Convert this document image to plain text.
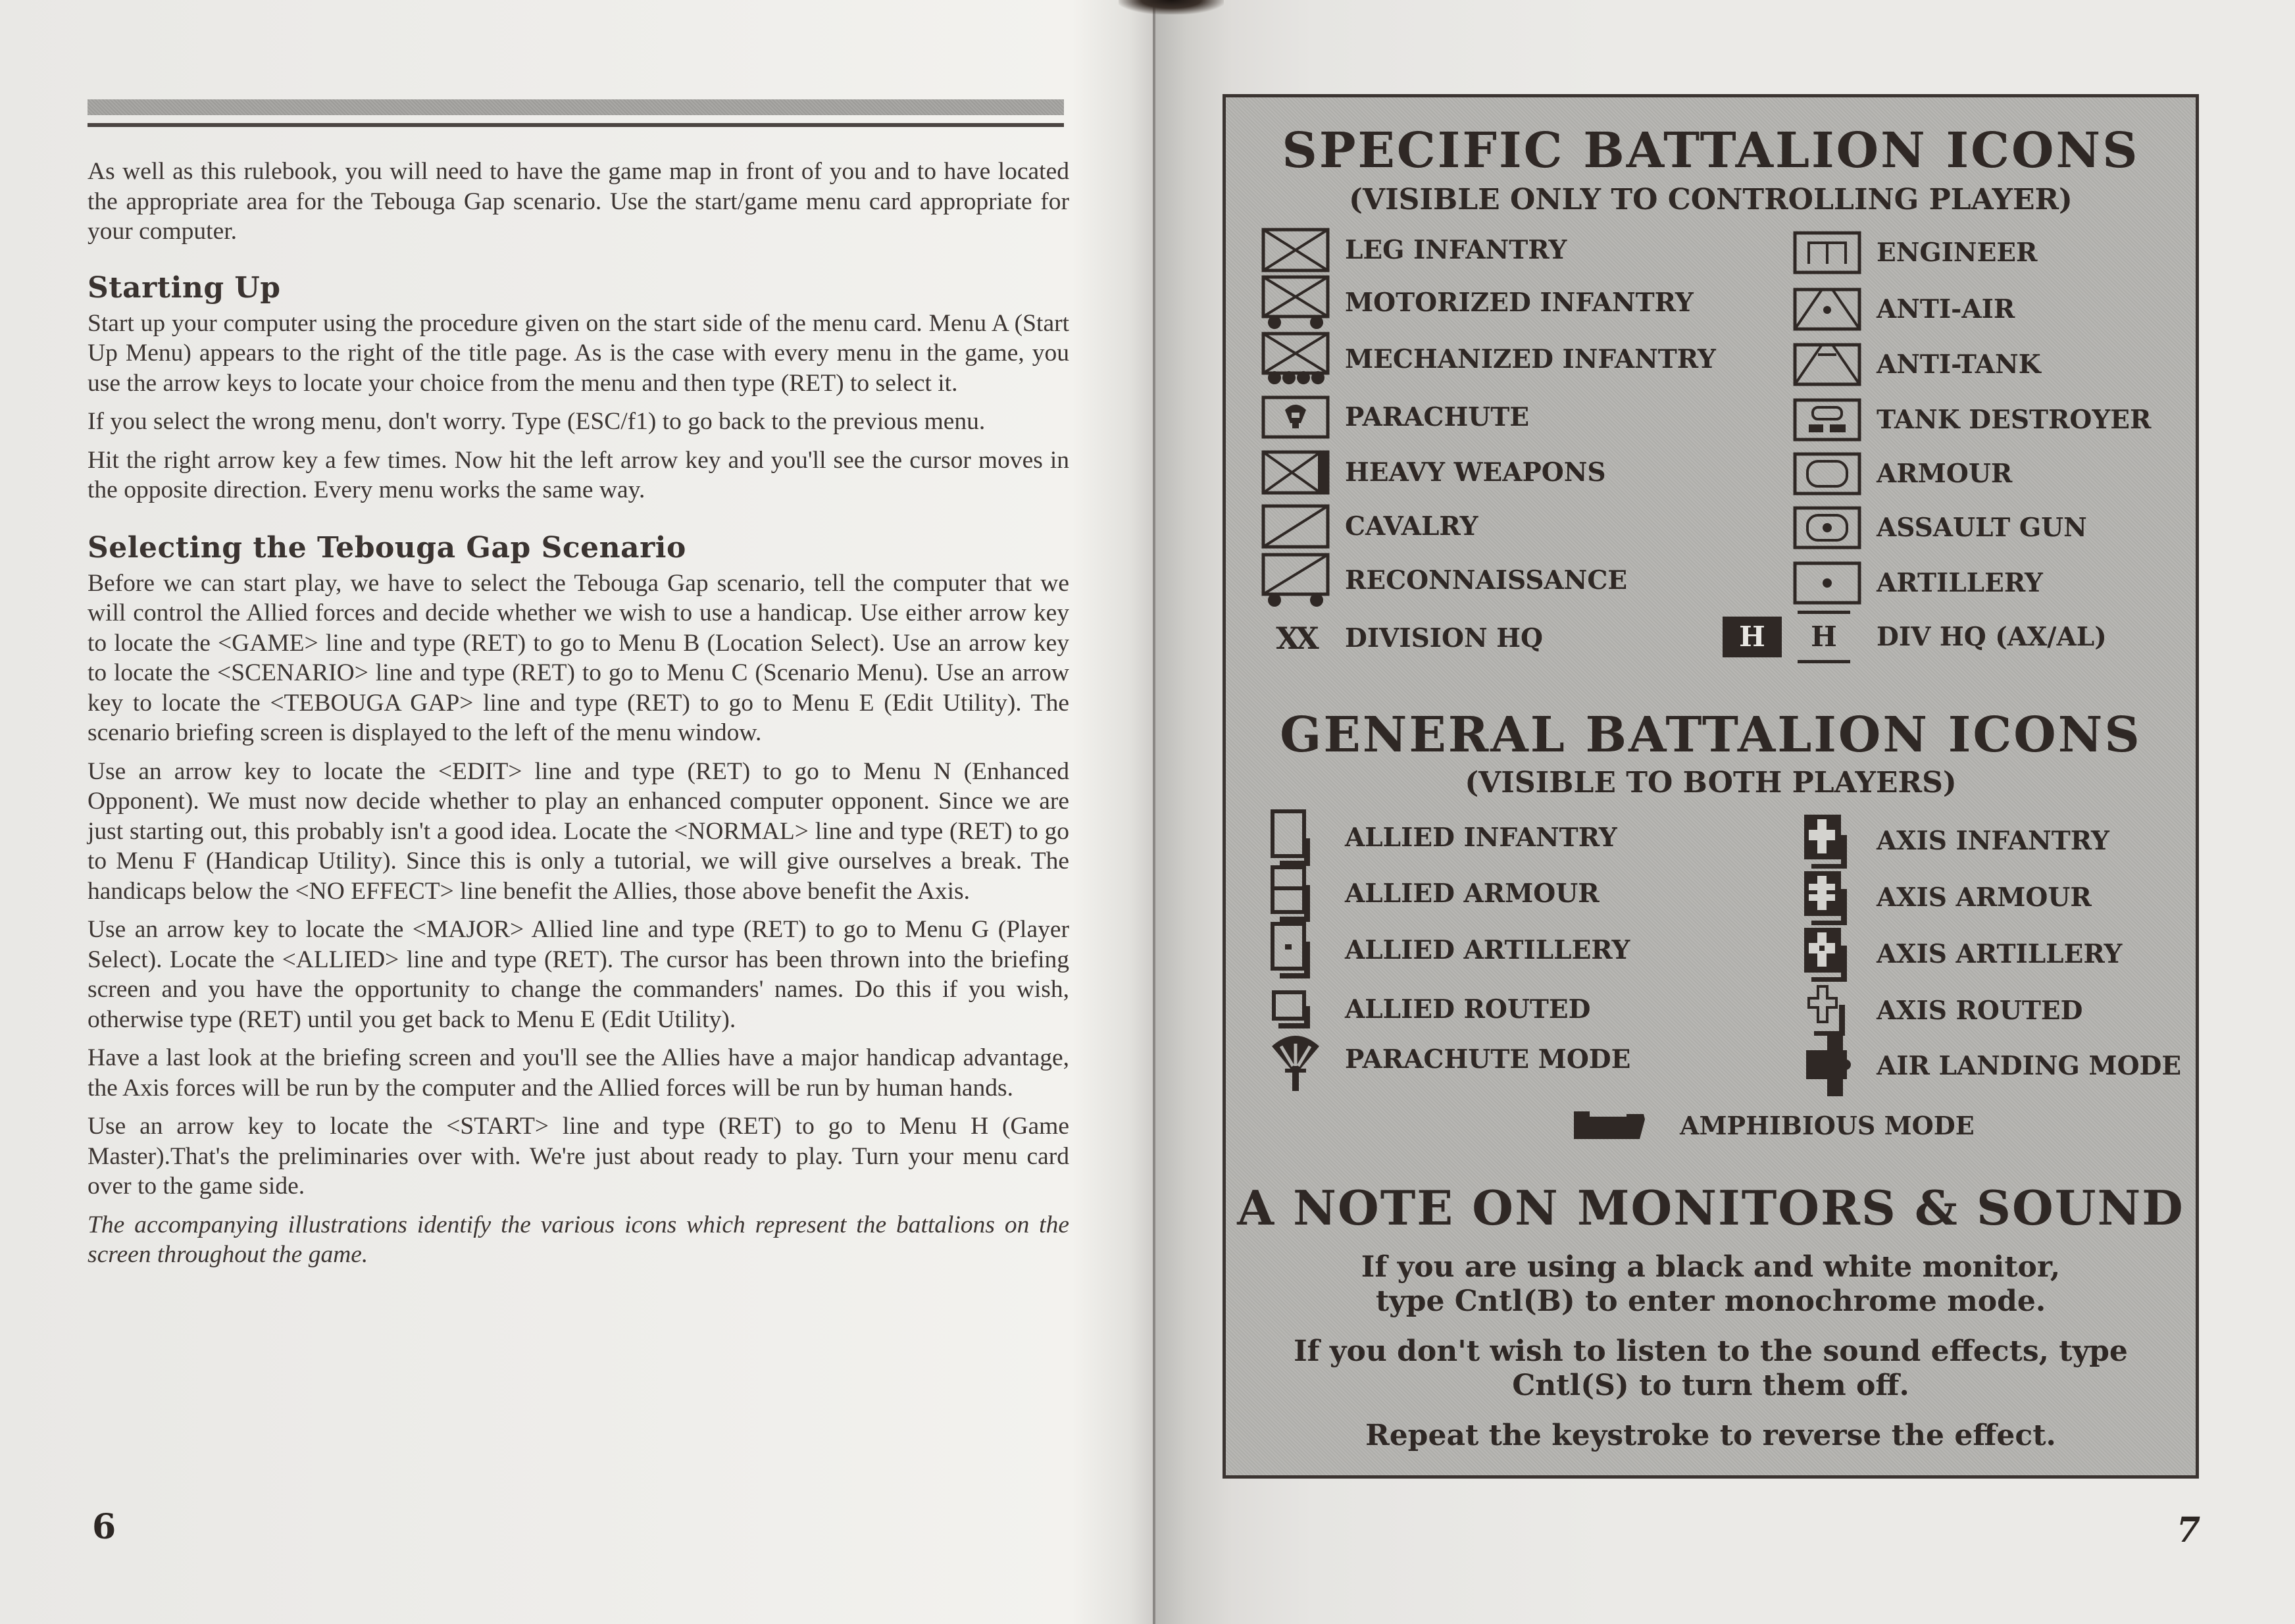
As well as this rulebook, you will need to have the game map in front of you and to have located the appropriate area for the Tebouga Gap scenario. Use the start/game menu card appropriate for your computer.

Starting Up

Start up your computer using the procedure given on the start side of the menu card. Menu A (Start Up Menu) appears to the right of the title page. As is the case with every menu in the game, you use the arrow keys to locate your choice from the menu and then type (RET) to select it.

If you select the wrong menu, don't worry. Type (ESC/f1) to go back to the previous menu.

Hit the right arrow key a few times. Now hit the left arrow key and you'll see the cursor moves in the opposite direction. Every menu works the same way.

Selecting the Tebouga Gap Scenario

Before we can start play, we have to select the Tebouga Gap scenario, tell the computer that we will control the Allied forces and decide whether we wish to use a handicap. Use either arrow key to locate the <GAME> line and type (RET) to go to Menu B (Location Select). Use an arrow key to locate the <SCENARIO> line and type (RET) to go to Menu C (Scenario Menu). Use an arrow key to locate the <TEBOUGA GAP> line and type (RET) to go to Menu E (Edit Utility). The scenario briefing screen is displayed to the left of the menu window.

Use an arrow key to locate the <EDIT> line and type (RET) to go to Menu N (Enhanced Opponent). We must now decide whether to play an enhanced computer opponent. Since we are just starting out, this probably isn't a good idea. Locate the <NORMAL> line and type (RET) to go to Menu F (Handicap Utility). Since this is only a tutorial, we will give ourselves a break. The handicaps below the <NO EFFECT> line benefit the Allies, those above benefit the Axis.

Use an arrow key to locate the <MAJOR> Allied line and type (RET) to go to Menu G (Player Select). Locate the <ALLIED> line and type (RET). The cursor has been thrown into the briefing screen and you have the opportunity to change the commanders' names. Do this if you wish, otherwise type (RET) until you get back to Menu E (Edit Utility).

Have a last look at the briefing screen and you'll see the Allies have a major handicap advantage, the Axis forces will be run by the computer and the Allied forces will be run by human hands.

Use an arrow key to locate the <START> line and type (RET) to go to Menu H (Game Master).That's the preliminaries over with. We're just about ready to play. Turn your menu card over to the game side.

The accompanying illustrations identify the various icons which represent the battalions on the screen throughout the game.

6
SPECIFIC BATTALION ICONS
(VISIBLE ONLY TO CONTROLLING PLAYER)
LEG INFANTRY
MOTORIZED INFANTRY
MECHANIZED INFANTRY
PARACHUTE
HEAVY WEAPONS
CAVALRY
RECONNAISSANCE
XX	DIVISION HQ
ENGINEER
ANTI-AIR
ANTI-TANK
TANK DESTROYER
ARMOUR
ASSAULT GUN
ARTILLERY
H	H	DIV HQ (AX/AL)
GENERAL BATTALION ICONS
(VISIBLE TO BOTH PLAYERS)
ALLIED INFANTRY
ALLIED ARMOUR
ALLIED ARTILLERY
ALLIED ROUTED
PARACHUTE MODE
AXIS INFANTRY
AXIS ARMOUR
AXIS ARTILLERY
AXIS ROUTED
AIR LANDING MODE
AMPHIBIOUS MODE
A NOTE ON MONITORS & SOUND
If you are using a black and white monitor, type Cntl(B) to enter monochrome mode.
If you don't wish to listen to the sound effects, type Cntl(S) to turn them off.
Repeat the keystroke to reverse the effect.
7
